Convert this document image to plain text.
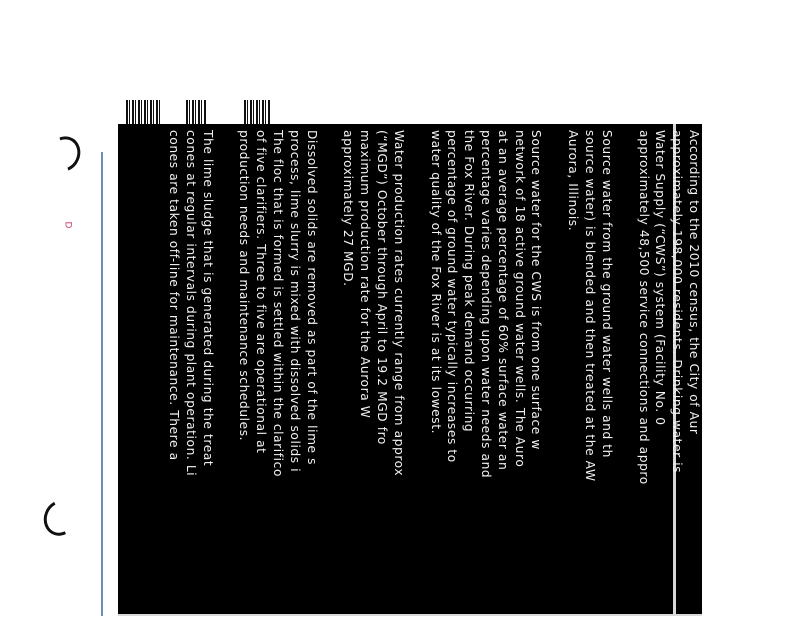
D	According to the 2010 census, the City of Aur
approximately 198,000 residents. Drinking water is
Water Supply (“CWS”) system (Facility No. 0
approximately 48,500 service connections and appro
Source water from the ground water wells and th
source water) is blended and then treated at the AW
Aurora, Illinois.
Source water for the CWS is from one surface w
network of 18 active ground water wells. The Auro
at an average percentage of 60% surface water an
percentage varies depending upon water needs and
the Fox River. During peak demand occurring
percentage of ground water typically increases to
water quality of the Fox River is at its lowest.
Water production rates currently range from approx
(“MGD”) October through April to 19.2 MGD fro
maximum production rate for the Aurora W
approximately 27 MGD.
Dissolved solids are removed as part of the lime s
process, lime slurry is mixed with dissolved solids i
The floc that is formed is settled within the clarifico
of five clarifiers. Three to five are operational at
production needs and maintenance schedules.
The lime sludge that is generated during the treat
cones at regular intervals during plant operation. Li
cones are taken off-line for maintenance. There a
